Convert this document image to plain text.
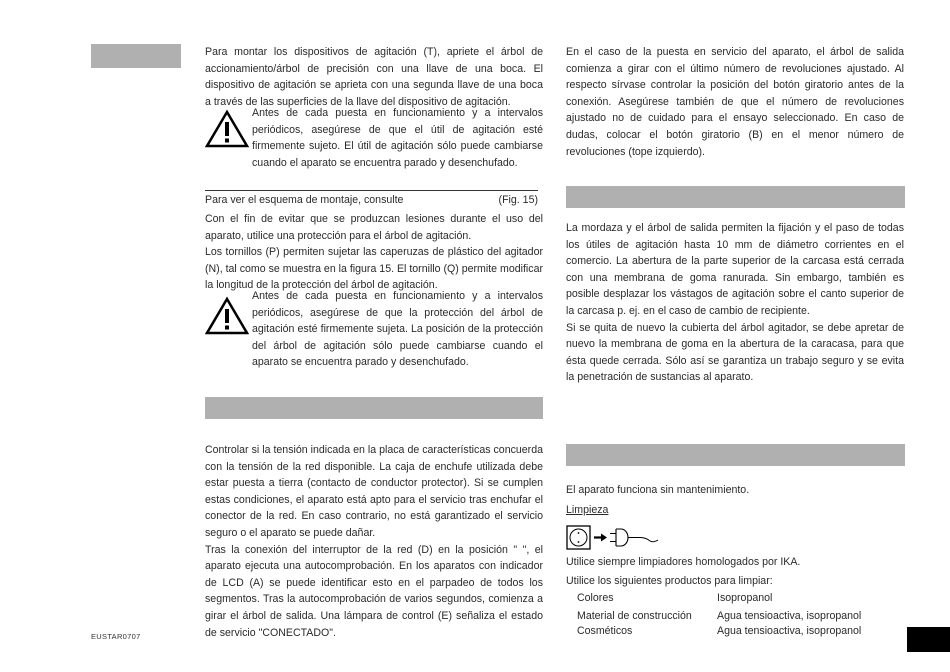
Para montar los dispositivos de agitación (T), apriete el árbol de accionamiento/árbol de precisión con una llave de una boca. El dispositivo de agitación se aprieta con una segunda llave de una boca a través de las superficies de la llave del dispositivo de agitación.

Antes de cada puesta en funcionamiento y a intervalos periódicos, asegúrese de que el útil de agitación esté firmemente sujeto. El útil de agitación sólo puede cambiarse cuando el aparato se encuentra parado y desenchufado.
Para ver el esquema de montaje, consulte	(Fig. 15)

Con el fin de evitar que se produzcan lesiones durante el uso del aparato, utilice una protección para el árbol de agitación.

Los tornillos (P) permiten sujetar las caperuzas de plástico del agitador (N), tal como se muestra en la figura 15. El tornillo (Q) permite modificar la longitud de la protección del árbol de agitación.

Antes de cada puesta en funcionamiento y a intervalos periódicos, asegúrese de que la protección del árbol de agitación esté firmemente sujeta. La posición de la protección del árbol de agitación sólo puede cambiarse cuando el aparato se encuentra parado y desenchufado.

Controlar si la tensión indicada en la placa de características concuerda con la tensión de la red disponible. La caja de enchufe utilizada debe estar puesta a tierra (contacto de conductor protector). Si se cumplen estas condiciones, el aparato está apto para el servicio tras enchufar el conector de la red. En caso contrario, no está garantizado el servicio seguro o el aparato se puede dañar.

Tras la conexión del interruptor de la red (D) en la posición " ", el aparato ejecuta una autocomprobación. En los aparatos con indicador de LCD (A) se puede identificar esto en el parpadeo de todos los segmentos. Tras la autocomprobación de varios segundos, comienza a girar el árbol de salida. Una lámpara de control (E) señaliza el estado de servicio "CONECTADO".

EUSTAR0707

En el caso de la puesta en servicio del aparato, el árbol de salida comienza a girar con el último número de revoluciones ajustado. Al respecto sírvase controlar la posición del botón giratorio antes de la conexión. Asegúrese también de que el número de revoluciones ajustado no de cuidado para el ensayo seleccionado. En caso de dudas, colocar el botón giratorio (B) en el menor número de revoluciones (tope izquierdo).

La mordaza y el árbol de salida permiten la fijación y el paso de todas los útiles de agitación hasta 10 mm de diámetro corrientes en el comercio. La abertura de la parte superior de la carcasa está cerrada con una membrana de goma ranurada. Sin embargo, también es posible desplazar los vástagos de agitación sobre el canto superior de la carcasa p. ej. en el caso de cambio de recipiente.

Si se quita de nuevo la cubierta del árbol agitador, se debe apretar de nuevo la membrana de goma en la abertura de la caracasa, para que ésta quede cerrada. Sólo así se garantiza un trabajo seguro y se evita la penetración de sustancias al aparato.

El aparato funciona sin mantenimiento.
Limpieza
Utilice siempre limpiadores homologados por IKA.
Utilice los siguientes productos para limpiar:
Colores	Isopropanol
Material de construcción	Agua tensioactiva, isopropanol
Cosméticos	Agua tensioactiva, isopropanol
